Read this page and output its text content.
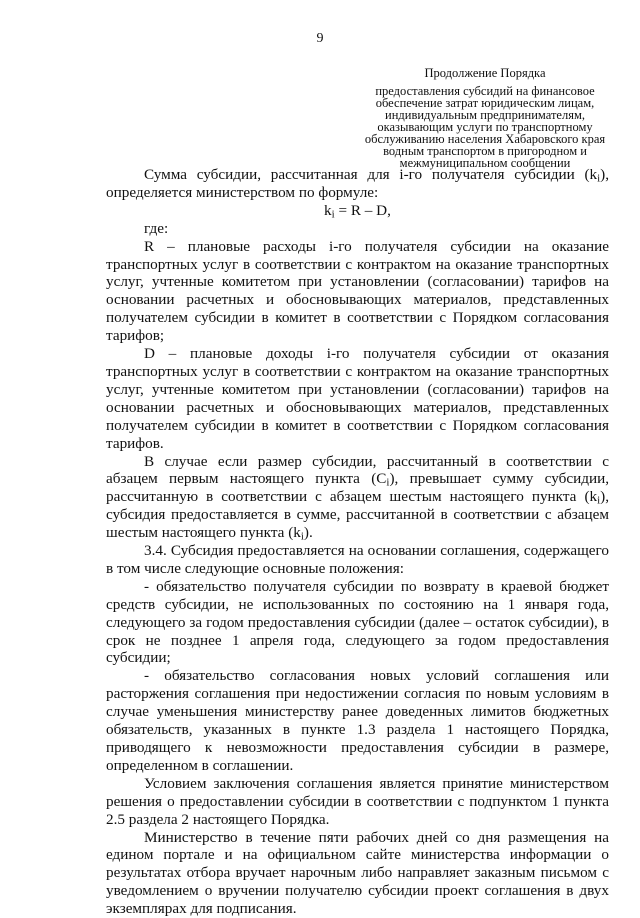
9
Продолжение Порядка
предоставления субсидий на финансовое
обеспечение затрат юридическим лицам,
индивидуальным предпринимателям,
оказывающим услуги по транспортному
обслуживанию населения Хабаровского края
водным транспортом в пригородном и
межмуниципальном сообщении

Сумма субсидии, рассчитанная для i-го получателя субсидии $(k_i)$, определяется министерством по формуле:

$k_i = R - D$,

где:

R – плановые расходы i-го получателя субсидии на оказание транспортных услуг в соответствии с контрактом на оказание транспортных услуг, учтенные комитетом при установлении (согласовании) тарифов на основании расчетных и обосновывающих материалов, представленных получателем субсидии в комитет в соответствии с Порядком согласования тарифов;

D – плановые доходы i-го получателя субсидии от оказания транспортных услуг в соответствии с контрактом на оказание транспортных услуг, учтенные комитетом при установлении (согласовании) тарифов на основании расчетных и обосновывающих материалов, представленных получателем субсидии в комитет в соответствии с Порядком согласования тарифов.

В случае если размер субсидии, рассчитанный в соответствии с абзацем первым настоящего пункта $(C_i)$, превышает сумму субсидии, рассчитанную в соответствии с абзацем шестым настоящего пункта $(k_i)$, субсидия предоставляется в сумме, рассчитанной в соответствии с абзацем шестым настоящего пункта $(k_i)$.

3.4. Субсидия предоставляется на основании соглашения, содержащего в том числе следующие основные положения:

- обязательство получателя субсидии по возврату в краевой бюджет средств субсидии, не использованных по состоянию на 1 января года, следующего за годом предоставления субсидии (далее – остаток субсидии), в срок не позднее 1 апреля года, следующего за годом предоставления субсидии;

- обязательство согласования новых условий соглашения или расторжения соглашения при недостижении согласия по новым условиям в случае уменьшения министерству ранее доведенных лимитов бюджетных обязательств, указанных в пункте 1.3 раздела 1 настоящего Порядка, приводящего к невозможности предоставления субсидии в размере, определенном в соглашении.

Условием заключения соглашения является принятие министерством решения о предоставлении субсидии в соответствии с подпунктом 1 пункта 2.5 раздела 2 настоящего Порядка.

Министерство в течение пяти рабочих дней со дня размещения на едином портале и на официальном сайте министерства информации о результатах отбора вручает нарочным либо направляет заказным письмом с уведомлением о вручении получателю субсидии проект соглашения в двух экземплярах для подписания.
